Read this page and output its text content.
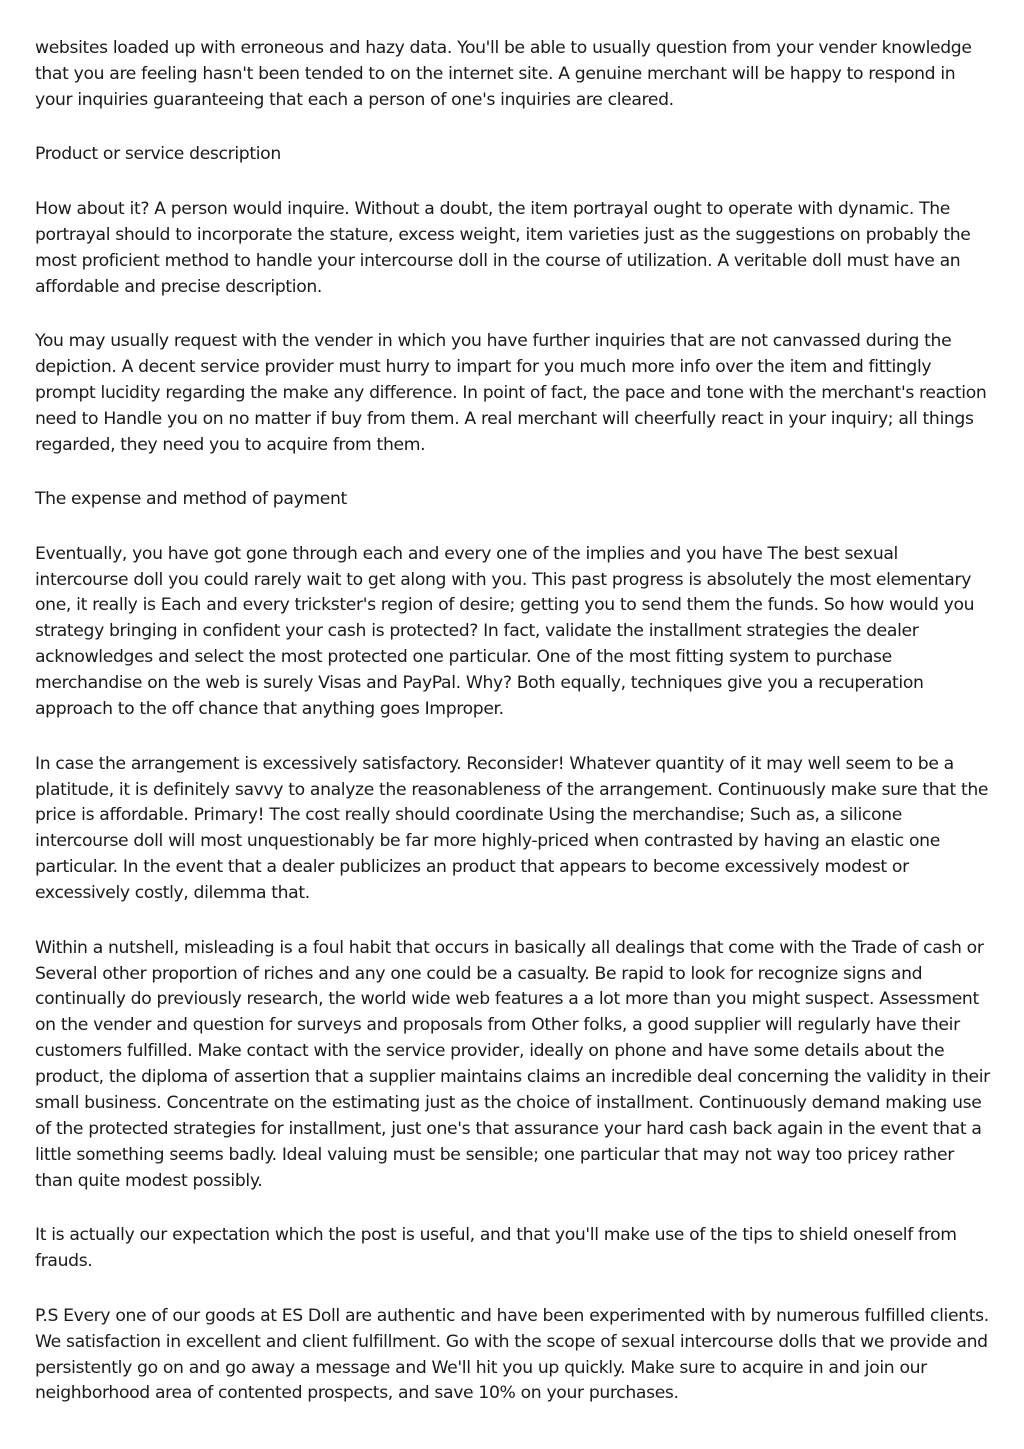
websites loaded up with erroneous and hazy data. You'll be able to usually question from your vender knowledge that you are feeling hasn't been tended to on the internet site. A genuine merchant will be happy to respond in your inquiries guaranteeing that each a person of one's inquiries are cleared.

Product or service description

How about it? A person would inquire. Without a doubt, the item portrayal ought to operate with dynamic. The portrayal should to incorporate the stature, excess weight, item varieties just as the suggestions on probably the most proficient method to handle your intercourse doll in the course of utilization. A veritable doll must have an affordable and precise description.

You may usually request with the vender in which you have further inquiries that are not canvassed during the depiction. A decent service provider must hurry to impart for you much more info over the item and fittingly prompt lucidity regarding the make any difference. In point of fact, the pace and tone with the merchant's reaction need to Handle you on no matter if buy from them. A real merchant will cheerfully react in your inquiry; all things regarded, they need you to acquire from them.

The expense and method of payment

Eventually, you have got gone through each and every one of the implies and you have The best sexual intercourse doll you could rarely wait to get along with you. This past progress is absolutely the most elementary one, it really is Each and every trickster's region of desire; getting you to send them the funds. So how would you strategy bringing in confident your cash is protected? In fact, validate the installment strategies the dealer acknowledges and select the most protected one particular. One of the most fitting system to purchase merchandise on the web is surely Visas and PayPal. Why? Both equally, techniques give you a recuperation approach to the off chance that anything goes Improper.

In case the arrangement is excessively satisfactory. Reconsider! Whatever quantity of it may well seem to be a platitude, it is definitely savvy to analyze the reasonableness of the arrangement. Continuously make sure that the price is affordable. Primary! The cost really should coordinate Using the merchandise; Such as, a silicone intercourse doll will most unquestionably be far more highly-priced when contrasted by having an elastic one particular. In the event that a dealer publicizes an product that appears to become excessively modest or excessively costly, dilemma that.

Within a nutshell, misleading is a foul habit that occurs in basically all dealings that come with the Trade of cash or Several other proportion of riches and any one could be a casualty. Be rapid to look for recognize signs and continually do previously research, the world wide web features a a lot more than you might suspect. Assessment on the vender and question for surveys and proposals from Other folks, a good supplier will regularly have their customers fulfilled. Make contact with the service provider, ideally on phone and have some details about the product, the diploma of assertion that a supplier maintains claims an incredible deal concerning the validity in their small business. Concentrate on the estimating just as the choice of installment. Continuously demand making use of the protected strategies for installment, just one's that assurance your hard cash back again in the event that a little something seems badly. Ideal valuing must be sensible; one particular that may not way too pricey rather than quite modest possibly.

It is actually our expectation which the post is useful, and that you'll make use of the tips to shield oneself from frauds.

P.S Every one of our goods at ES Doll are authentic and have been experimented with by numerous fulfilled clients. We satisfaction in excellent and client fulfillment. Go with the scope of sexual intercourse dolls that we provide and persistently go on and go away a message and We'll hit you up quickly. Make sure to acquire in and join our neighborhood area of contented prospects, and save 10% on your purchases.
